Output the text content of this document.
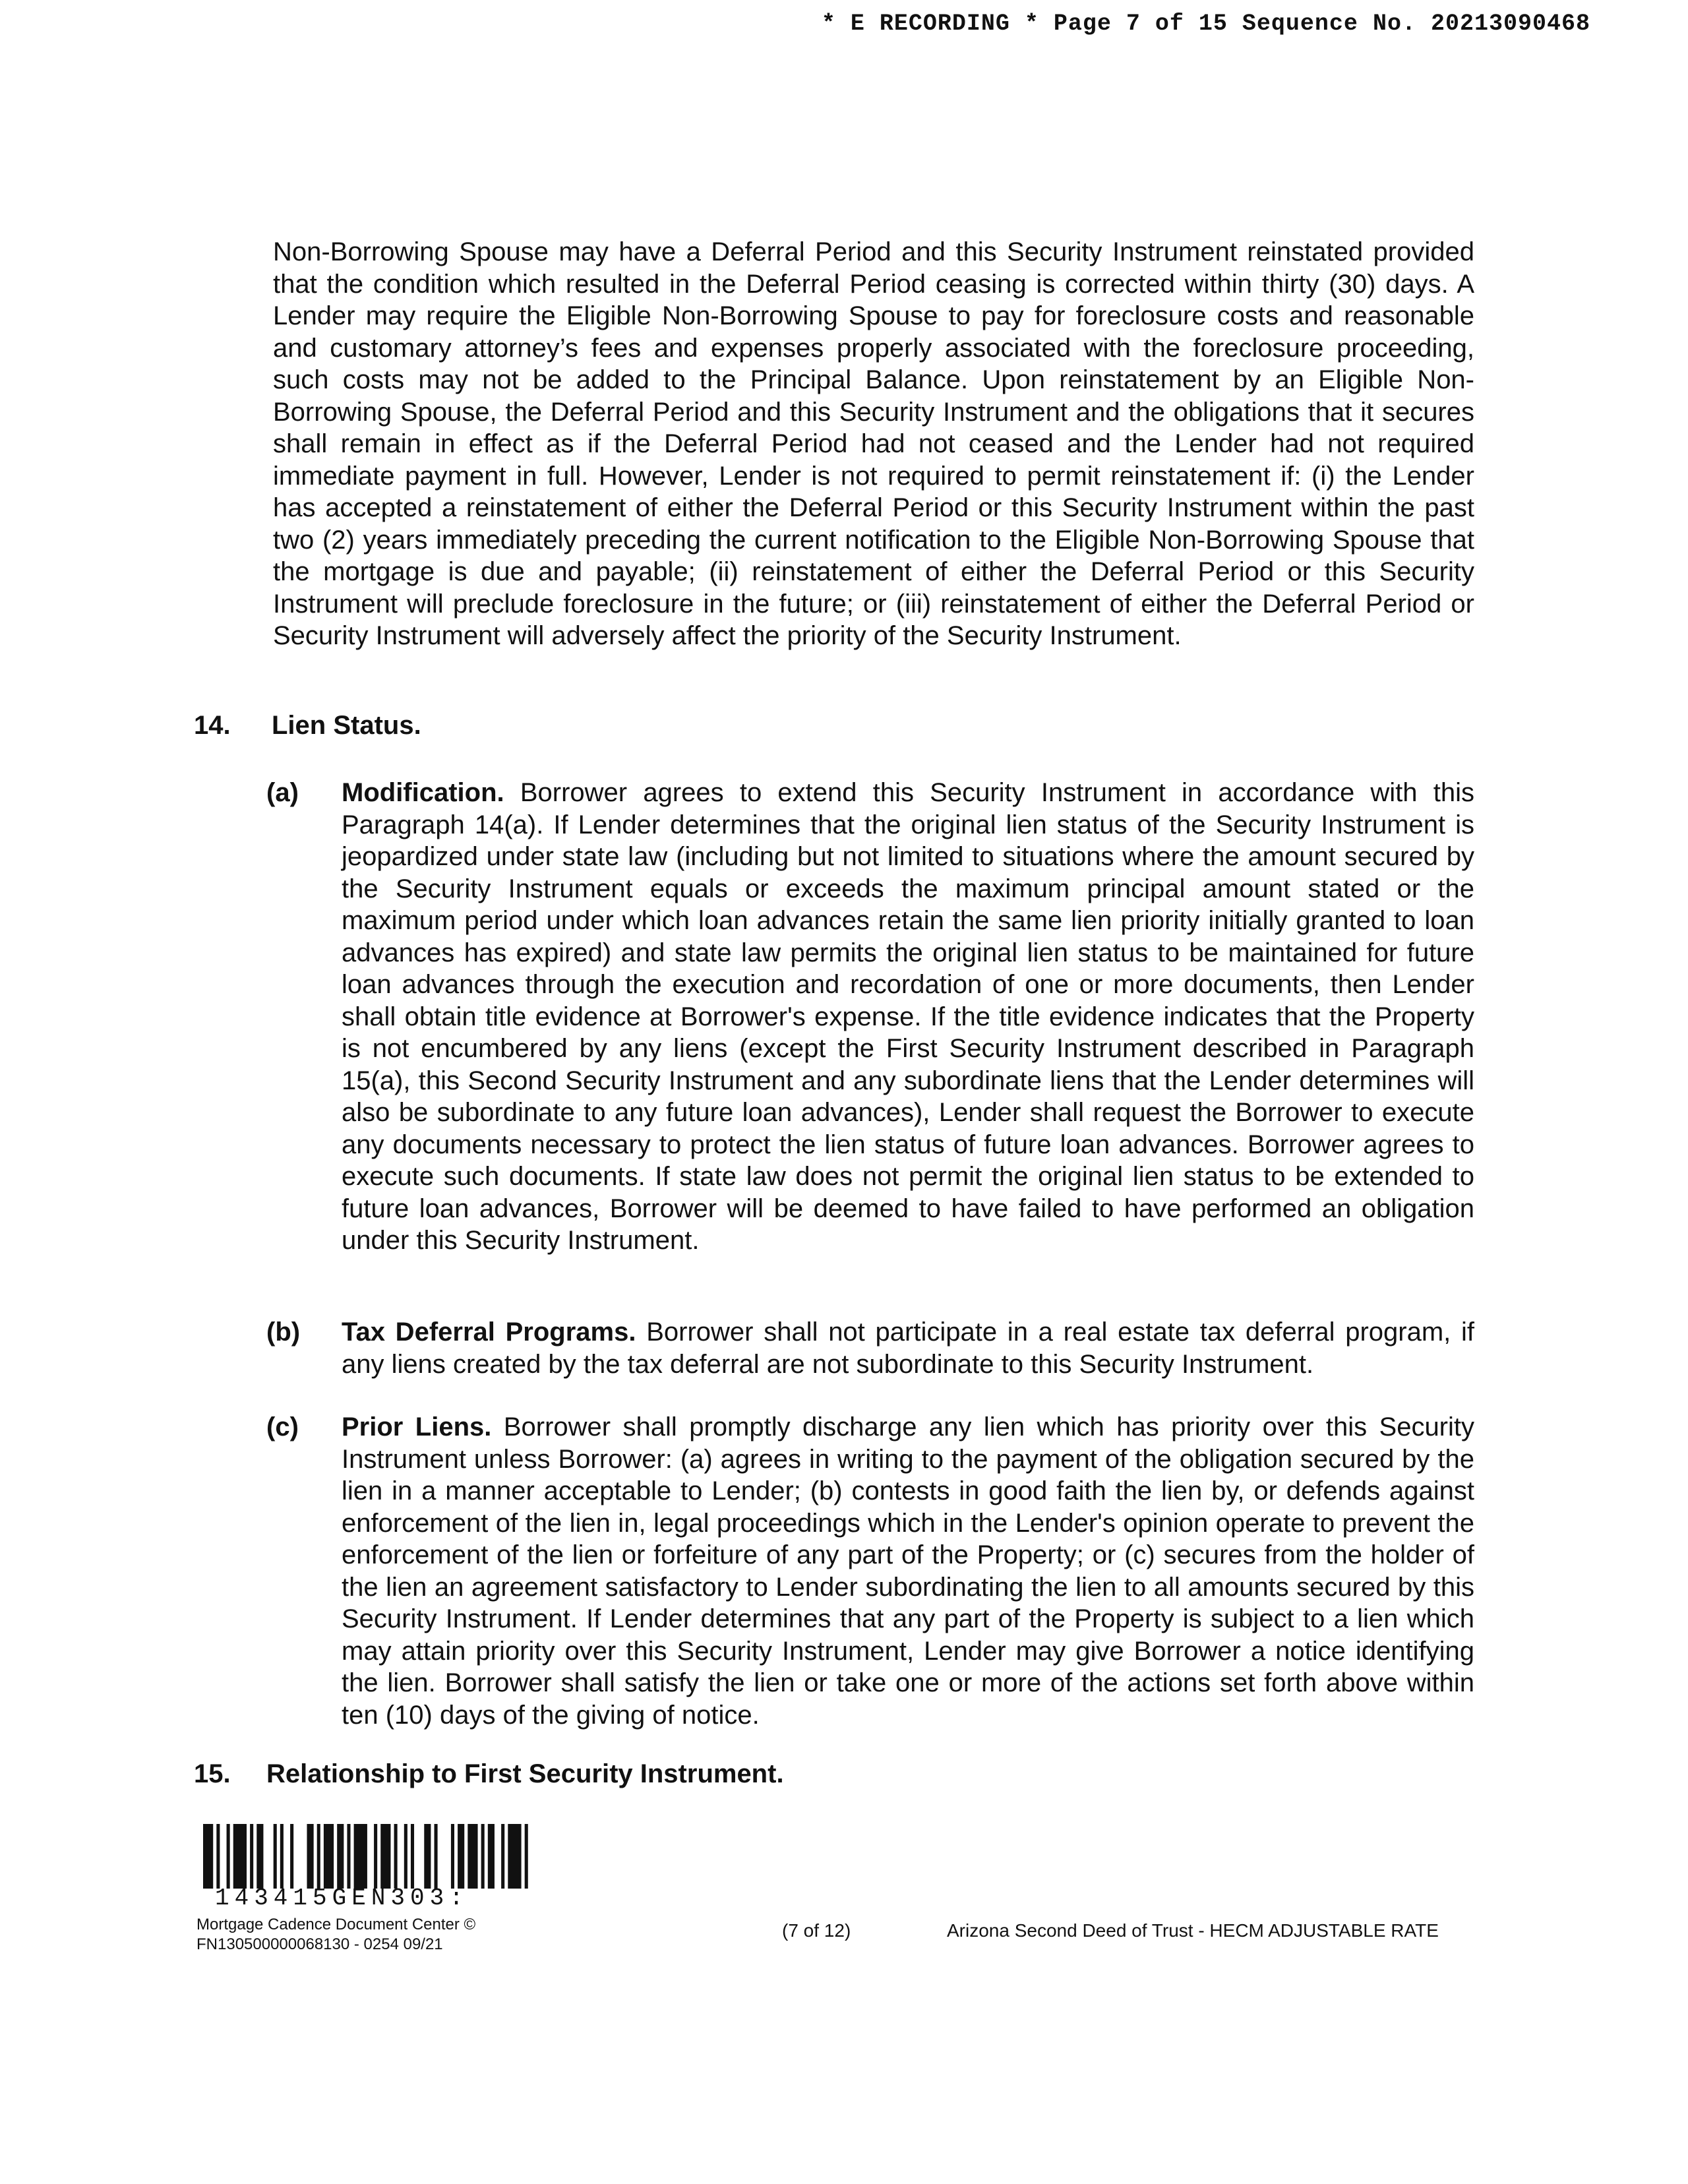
* E RECORDING * Page 7 of 15 Sequence No. 20213090468
Non-Borrowing Spouse may have a Deferral Period and this Security Instrument reinstated provided that the condition which resulted in the Deferral Period ceasing is corrected within thirty (30) days. A Lender may require the Eligible Non-Borrowing Spouse to pay for foreclosure costs and reasonable and customary attorney’s fees and expenses properly associated with the foreclosure proceeding, such costs may not be added to the Principal Balance. Upon reinstatement by an Eligible Non-Borrowing Spouse, the Deferral Period and this Security Instrument and the obligations that it secures shall remain in effect as if the Deferral Period had not ceased and the Lender had not required immediate payment in full. However, Lender is not required to permit reinstatement if: (i) the Lender has accepted a reinstatement of either the Deferral Period or this Security Instrument within the past two (2) years immediately preceding the current notification to the Eligible Non-Borrowing Spouse that the mortgage is due and payable; (ii) reinstatement of either the Deferral Period or this Security Instrument will preclude foreclosure in the future; or (iii) reinstatement of either the Deferral Period or Security Instrument will adversely affect the priority of the Security Instrument.
14. Lien Status.
(a) Modification. Borrower agrees to extend this Security Instrument in accordance with this Paragraph 14(a). If Lender determines that the original lien status of the Security Instrument is jeopardized under state law (including but not limited to situations where the amount secured by the Security Instrument equals or exceeds the maximum principal amount stated or the maximum period under which loan advances retain the same lien priority initially granted to loan advances has expired) and state law permits the original lien status to be maintained for future loan advances through the execution and recordation of one or more documents, then Lender shall obtain title evidence at Borrower's expense. If the title evidence indicates that the Property is not encumbered by any liens (except the First Security Instrument described in Paragraph 15(a), this Second Security Instrument and any subordinate liens that the Lender determines will also be subordinate to any future loan advances), Lender shall request the Borrower to execute any documents necessary to protect the lien status of future loan advances. Borrower agrees to execute such documents. If state law does not permit the original lien status to be extended to future loan advances, Borrower will be deemed to have failed to have performed an obligation under this Security Instrument.
(b) Tax Deferral Programs. Borrower shall not participate in a real estate tax deferral program, if any liens created by the tax deferral are not subordinate to this Security Instrument.
(c) Prior Liens. Borrower shall promptly discharge any lien which has priority over this Security Instrument unless Borrower: (a) agrees in writing to the payment of the obligation secured by the lien in a manner acceptable to Lender; (b) contests in good faith the lien by, or defends against enforcement of the lien in, legal proceedings which in the Lender's opinion operate to prevent the enforcement of the lien or forfeiture of any part of the Property; or (c) secures from the holder of the lien an agreement satisfactory to Lender subordinating the lien to all amounts secured by this Security Instrument. If Lender determines that any part of the Property is subject to a lien which may attain priority over this Security Instrument, Lender may give Borrower a notice identifying the lien. Borrower shall satisfy the lien or take one or more of the actions set forth above within ten (10) days of the giving of notice.
15. Relationship to First Security Instrument.
143415GEN303:
Mortgage Cadence Document Center ©
FN130500000068130 - 0254 09/21
(7 of 12)	Arizona Second Deed of Trust - HECM ADJUSTABLE RATE
